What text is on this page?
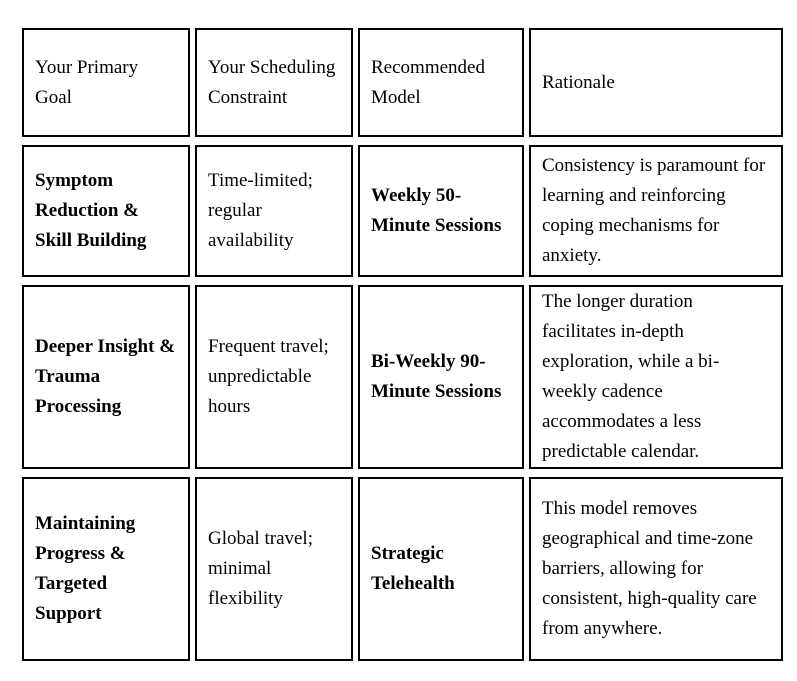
Your Primary Goal	Your Scheduling Constraint	Recommended Model	Rationale
Symptom Reduction & Skill Building	Time-limited; regular availability	Weekly 50-Minute Sessions	Consistency is paramount for learning and reinforcing coping mechanisms for anxiety.
Deeper Insight & Trauma Processing	Frequent travel; unpredictable hours	Bi-Weekly 90-Minute Sessions	The longer duration facilitates in-depth exploration, while a bi-weekly cadence accommodates a less predictable calendar.
Maintaining Progress & Targeted Support	Global travel; minimal flexibility	Strategic Telehealth	This model removes geographical and time-zone barriers, allowing for consistent, high-quality care from anywhere.
